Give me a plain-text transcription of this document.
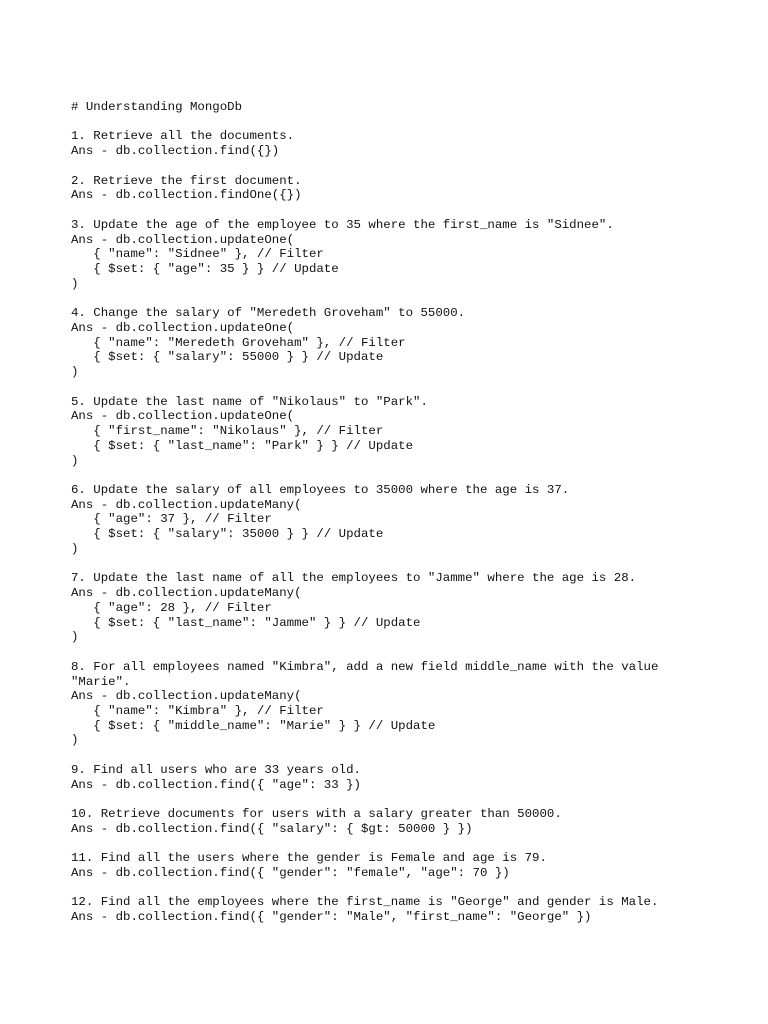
# Understanding MongoDb
1. Retrieve all the documents.
Ans - db.collection.find({})
2. Retrieve the first document.
Ans - db.collection.findOne({})
3. Update the age of the employee to 35 where the first_name is "Sidnee".
Ans - db.collection.updateOne(
{ "name": "Sidnee" }, // Filter
{ $set: { "age": 35 } } // Update
)
4. Change the salary of "Meredeth Groveham" to 55000.
Ans - db.collection.updateOne(
{ "name": "Meredeth Groveham" }, // Filter
{ $set: { "salary": 55000 } } // Update
)
5. Update the last name of "Nikolaus" to "Park".
Ans - db.collection.updateOne(
{ "first_name": "Nikolaus" }, // Filter
{ $set: { "last_name": "Park" } } // Update
)
6. Update the salary of all employees to 35000 where the age is 37.
Ans - db.collection.updateMany(
{ "age": 37 }, // Filter
{ $set: { "salary": 35000 } } // Update
)
7. Update the last name of all the employees to "Jamme" where the age is 28.
Ans - db.collection.updateMany(
{ "age": 28 }, // Filter
{ $set: { "last_name": "Jamme" } } // Update
)
8. For all employees named "Kimbra", add a new field middle_name with the value
"Marie".
Ans - db.collection.updateMany(
{ "name": "Kimbra" }, // Filter
{ $set: { "middle_name": "Marie" } } // Update
)
9. Find all users who are 33 years old.
Ans - db.collection.find({ "age": 33 })
10. Retrieve documents for users with a salary greater than 50000.
Ans - db.collection.find({ "salary": { $gt: 50000 } })
11. Find all the users where the gender is Female and age is 79.
Ans - db.collection.find({ "gender": "female", "age": 70 })
12. Find all the employees where the first_name is "George" and gender is Male.
Ans - db.collection.find({ "gender": "Male", "first_name": "George" })
